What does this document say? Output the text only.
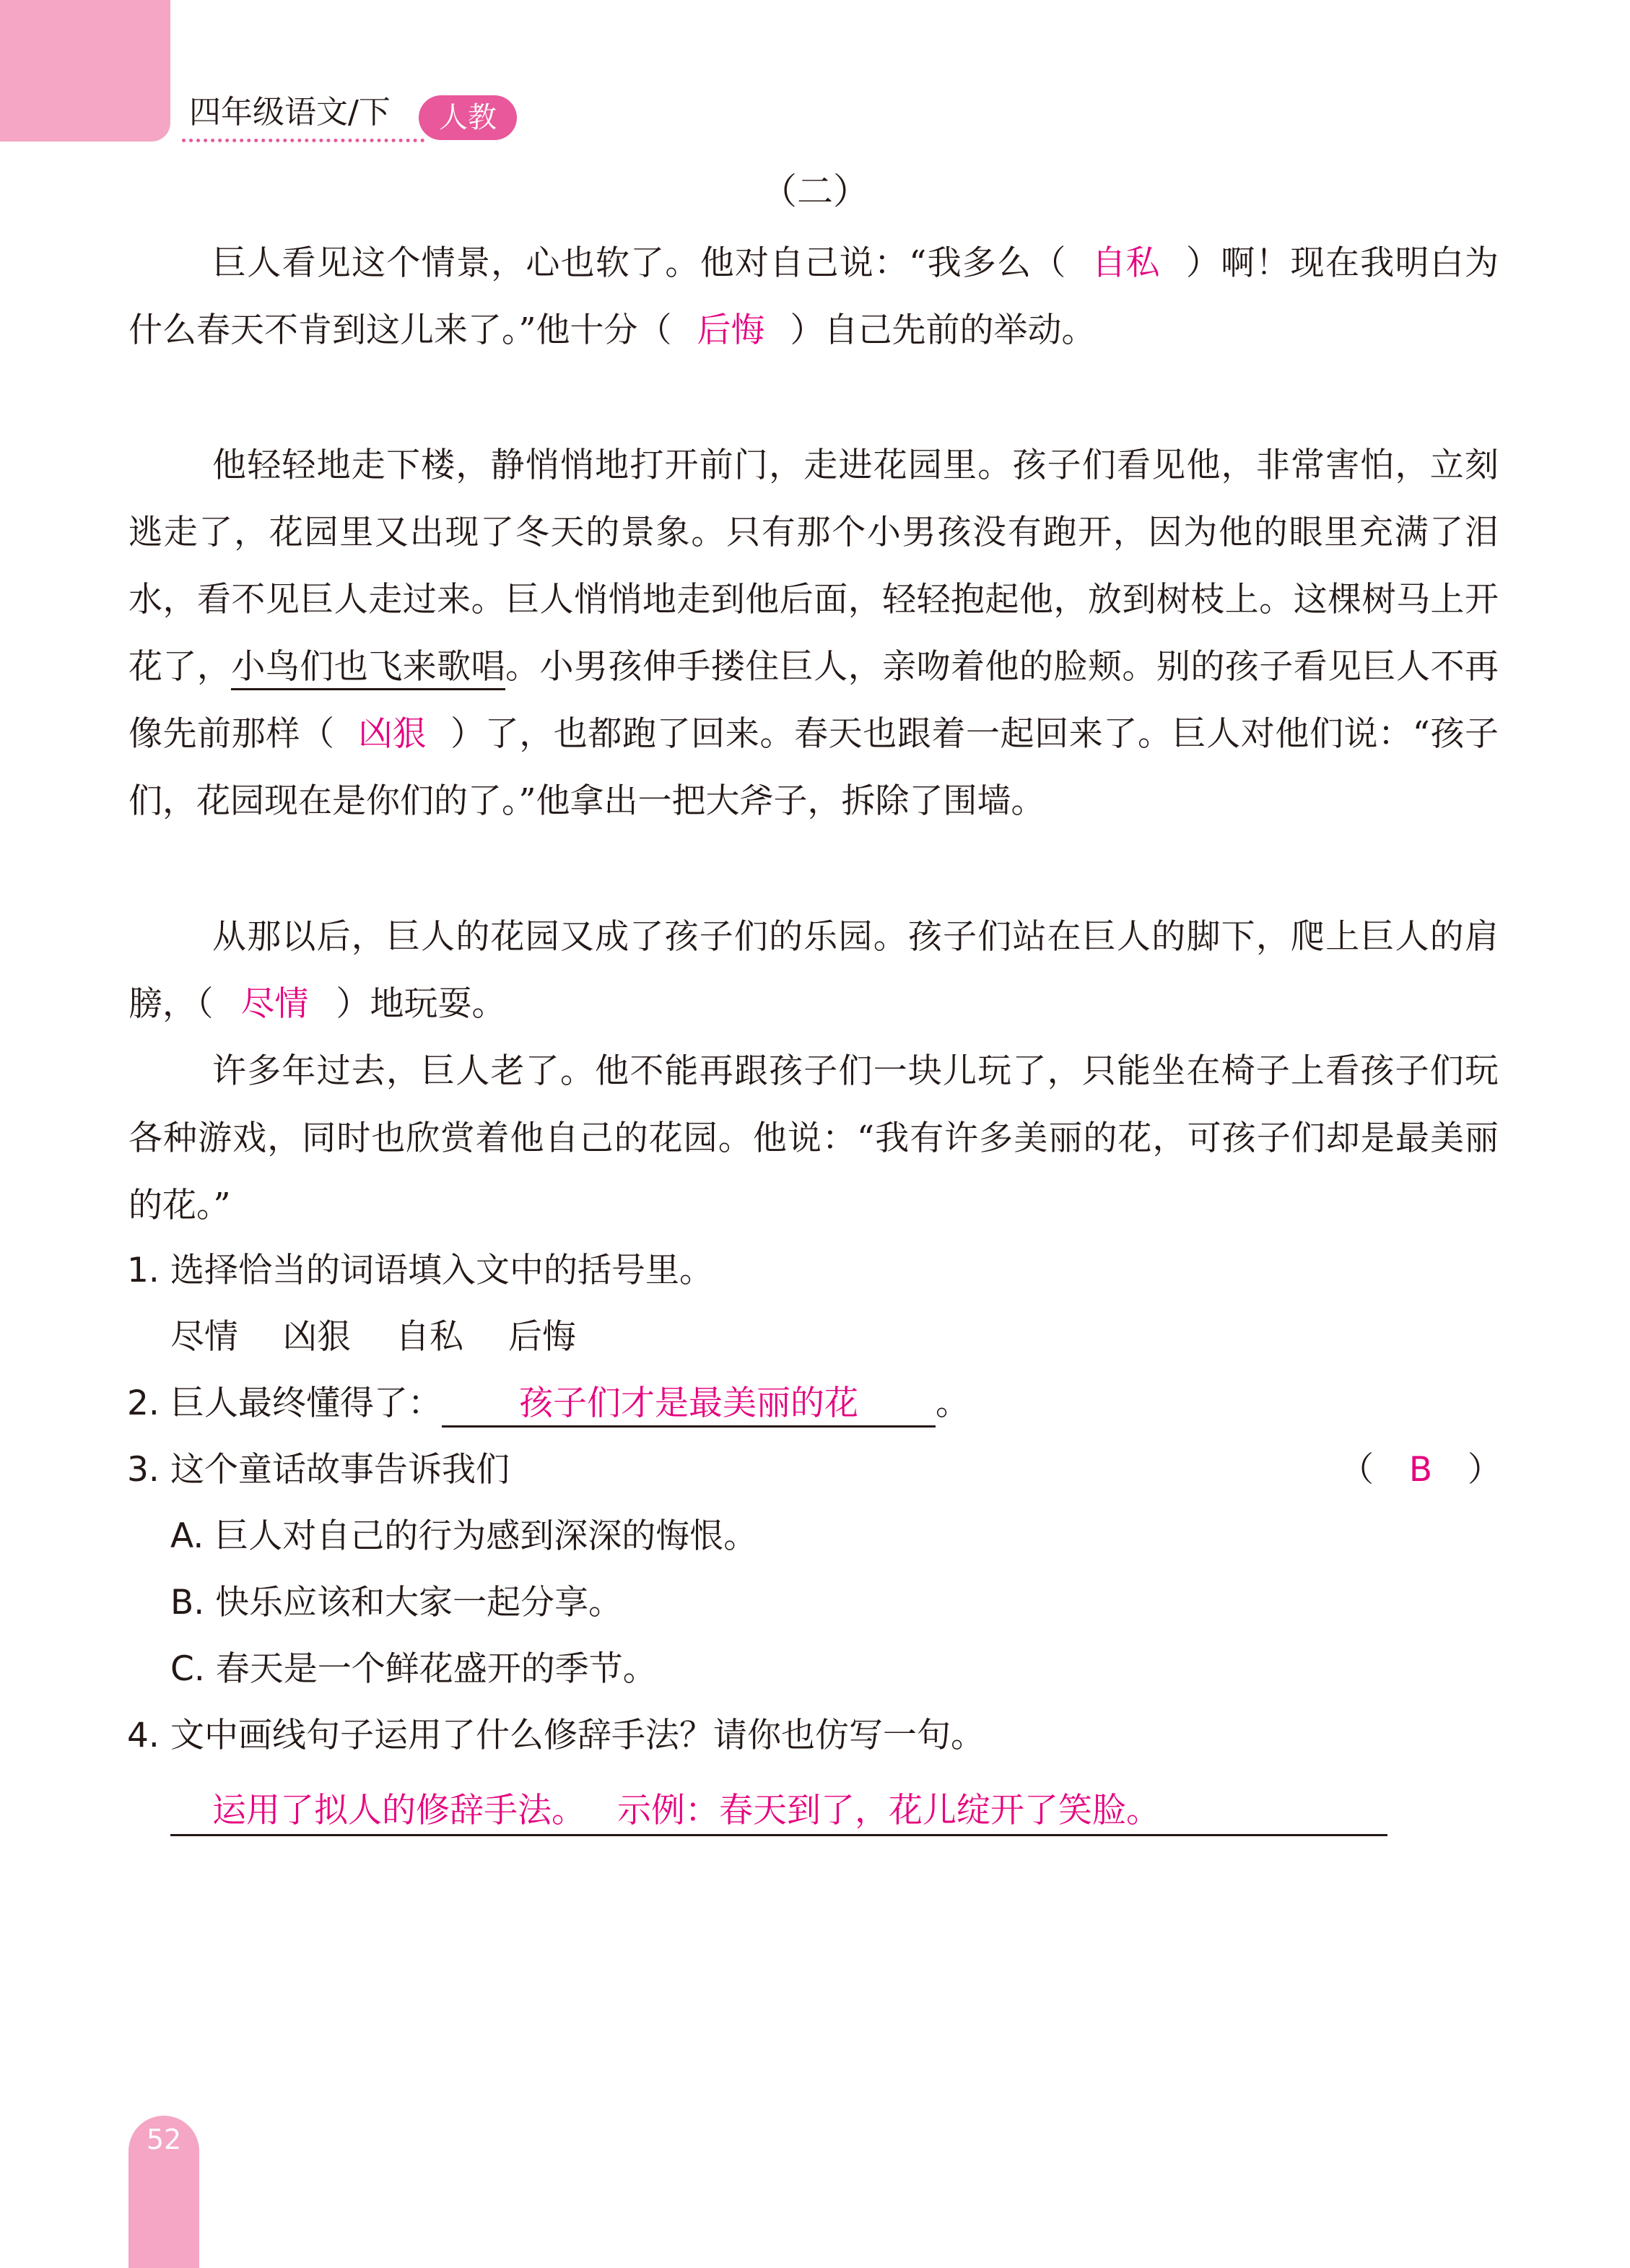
四年级语文/下	人教
（二）

巨人看见这个情景，心也软了。他对自己说：“我多么（ 自私 ）啊！现在我明白为什么春天不肯到这儿来了。”他十分（ 后悔 ）自己先前的举动。

他轻轻地走下楼，静悄悄地打开前门，走进花园里。孩子们看见他，非常害怕，立刻逃走了，花园里又出现了冬天的景象。只有那个小男孩没有跑开，因为他的眼里充满了泪水，看不见巨人走过来。巨人悄悄地走到他后面，轻轻抱起他，放到树枝上。这棵树马上开花了，小鸟们也飞来歌唱。小男孩伸手搂住巨人，亲吻着他的脸颊。别的孩子看见巨人不再像先前那样（ 凶狠 ）了，也都跑了回来。春天也跟着一起回来了。巨人对他们说：“孩子们，花园现在是你们的了。”他拿出一把大斧子，拆除了围墙。

从那以后，巨人的花园又成了孩子们的乐园。孩子们站在巨人的脚下，爬上巨人的肩膀，（ 尽情 ）地玩耍。

许多年过去，巨人老了。他不能再跟孩子们一块儿玩了，只能坐在椅子上看孩子们玩各种游戏，同时也欣赏着他自己的花园。他说：“我有许多美丽的花，可孩子们却是最美丽的花。”

1. 选择恰当的词语填入文中的括号里。
尽情 凶狠 自私 后悔
2. 巨人最终懂得了： 孩子们才是最美丽的花 。
3. 这个童话故事告诉我们	（ B ）
A. 巨人对自己的行为感到深深的悔恨。
B. 快乐应该和大家一起分享。
C. 春天是一个鲜花盛开的季节。
4. 文中画线句子运用了什么修辞手法？请你也仿写一句。
运用了拟人的修辞手法。 示例：春天到了，花儿绽开了笑脸。
52
